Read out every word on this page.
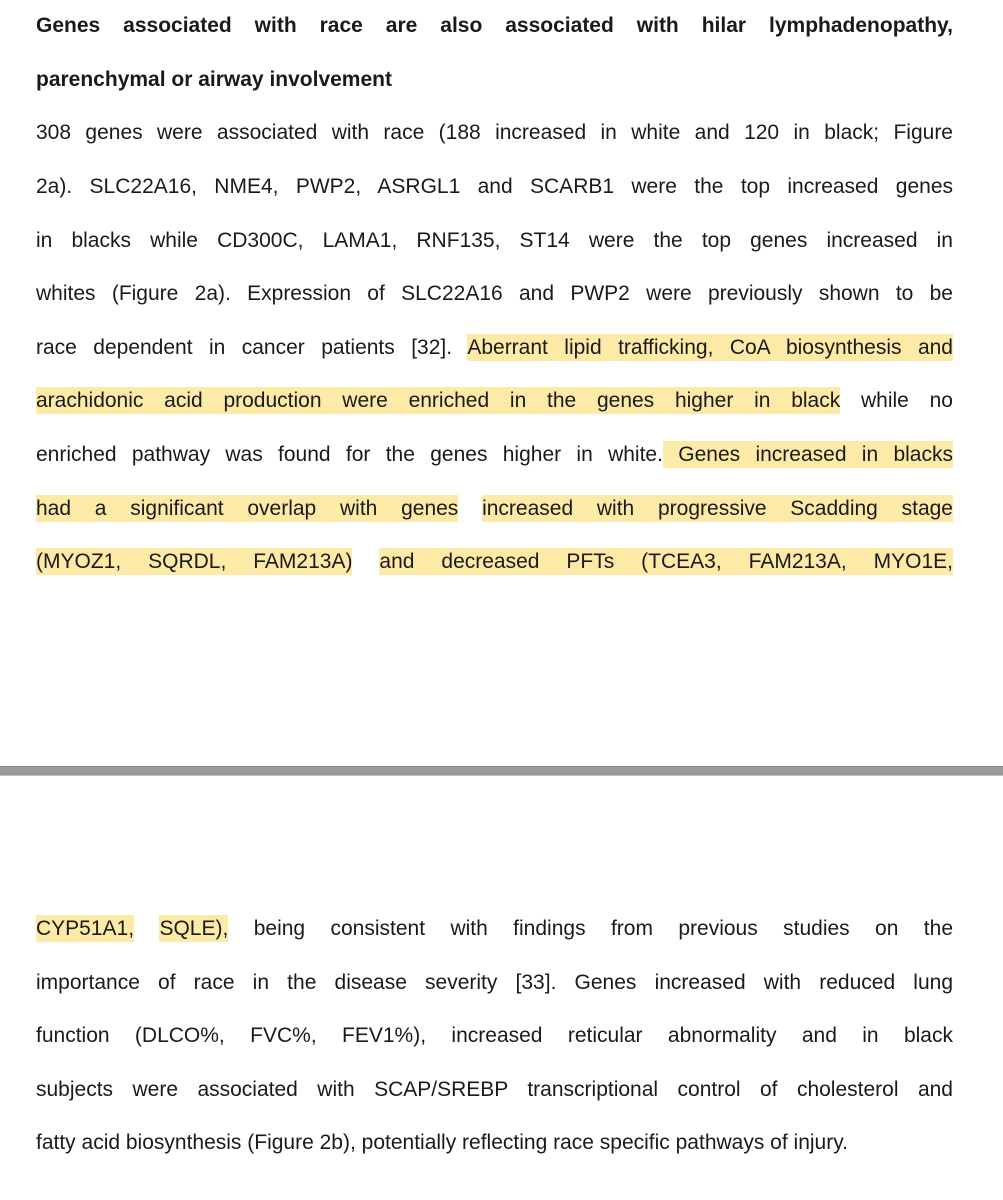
Genes associated with race are also associated with hilar lymphadenopathy,
parenchymal or airway involvement
308 genes were associated with race (188 increased in white and 120 in black; Figure
2a). SLC22A16, NME4, PWP2, ASRGL1 and SCARB1 were the top increased genes
in blacks while CD300C, LAMA1, RNF135, ST14 were the top genes increased in
whites (Figure 2a). Expression of SLC22A16 and PWP2 were previously shown to be
race dependent in cancer patients [32]. Aberrant lipid trafficking, CoA biosynthesis and
arachidonic acid production were enriched in the genes higher in black while no
enriched pathway was found for the genes higher in white. Genes increased in blacks
had a significant overlap with genes increased with progressive Scadding stage
(MYOZ1, SQRDL, FAM213A) and decreased PFTs (TCEA3, FAM213A, MYO1E,
CYP51A1, SQLE), being consistent with findings from previous studies on the
importance of race in the disease severity [33]. Genes increased with reduced lung
function (DLCO%, FVC%, FEV1%), increased reticular abnormality and in black
subjects were associated with SCAP/SREBP transcriptional control of cholesterol and
fatty acid biosynthesis (Figure 2b), potentially reflecting race specific pathways of injury.
